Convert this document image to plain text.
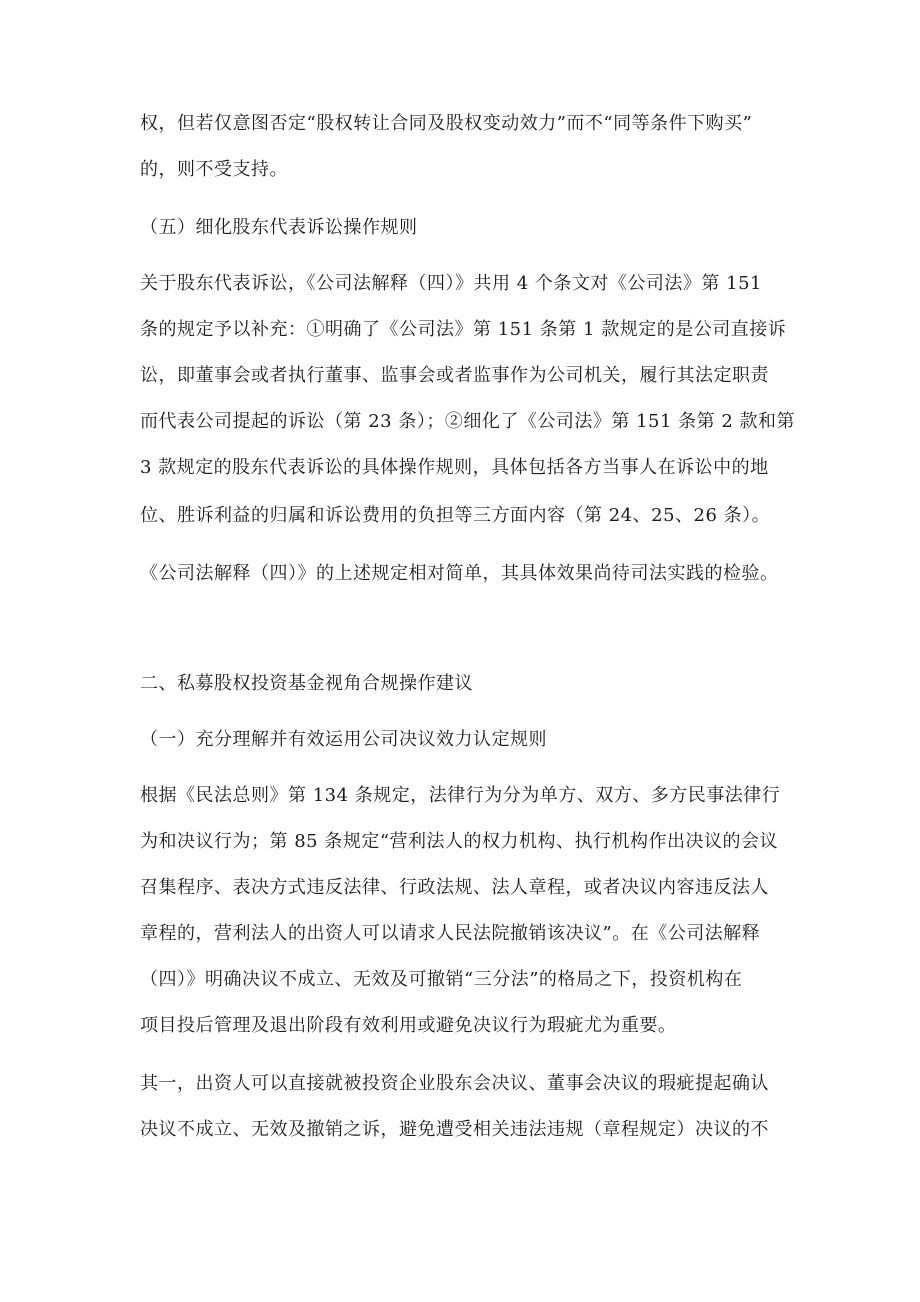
权，但若仅意图否定“股权转让合同及股权变动效力”而不“同等条件下购买”
的，则不受支持。
（五）细化股东代表诉讼操作规则
关于股东代表诉讼，《公司法解释（四）》共用 4 个条文对《公司法》第 151
条的规定予以补充：①明确了《公司法》第 151 条第 1 款规定的是公司直接诉
讼，即董事会或者执行董事、监事会或者监事作为公司机关，履行其法定职责
而代表公司提起的诉讼（第 23 条）；②细化了《公司法》第 151 条第 2 款和第
3 款规定的股东代表诉讼的具体操作规则，具体包括各方当事人在诉讼中的地
位、胜诉利益的归属和诉讼费用的负担等三方面内容（第 24、25、26 条）。
《公司法解释（四）》的上述规定相对简单，其具体效果尚待司法实践的检验。
二、私募股权投资基金视角合规操作建议
（一）充分理解并有效运用公司决议效力认定规则
根据《民法总则》第 134 条规定，法律行为分为单方、双方、多方民事法律行
为和决议行为；第 85 条规定“营利法人的权力机构、执行机构作出决议的会议
召集程序、表决方式违反法律、行政法规、法人章程，或者决议内容违反法人
章程的，营利法人的出资人可以请求人民法院撤销该决议”。在《公司法解释
（四）》明确决议不成立、无效及可撤销“三分法”的格局之下，投资机构在
项目投后管理及退出阶段有效利用或避免决议行为瑕疵尤为重要。
其一，出资人可以直接就被投资企业股东会决议、董事会决议的瑕疵提起确认
决议不成立、无效及撤销之诉，避免遭受相关违法违规（章程规定）决议的不
